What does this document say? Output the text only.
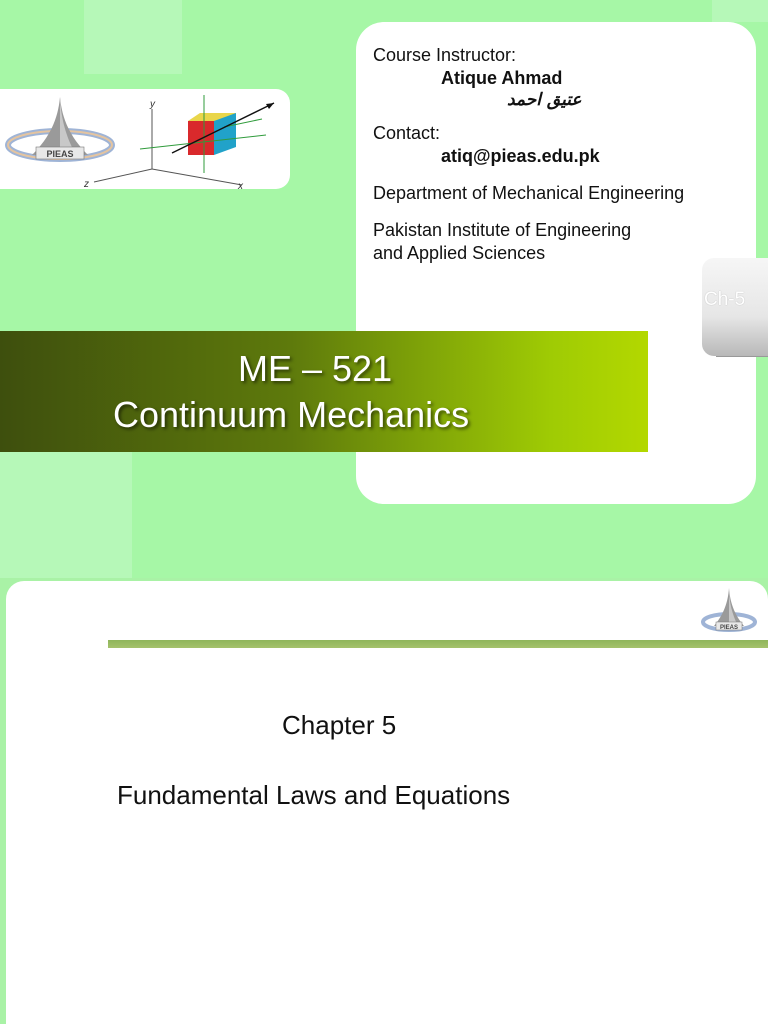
PIEAS
y
x
z
Course Instructor:
Atique Ahmad
عتیق احمد
Contact:
atiq@pieas.edu.pk
Department of Mechanical Engineering
Pakistan Institute of Engineering
and Applied Sciences
Ch-5
ME – 521
Continuum Mechanics
PIEAS
Chapter 5
Fundamental Laws and Equations
